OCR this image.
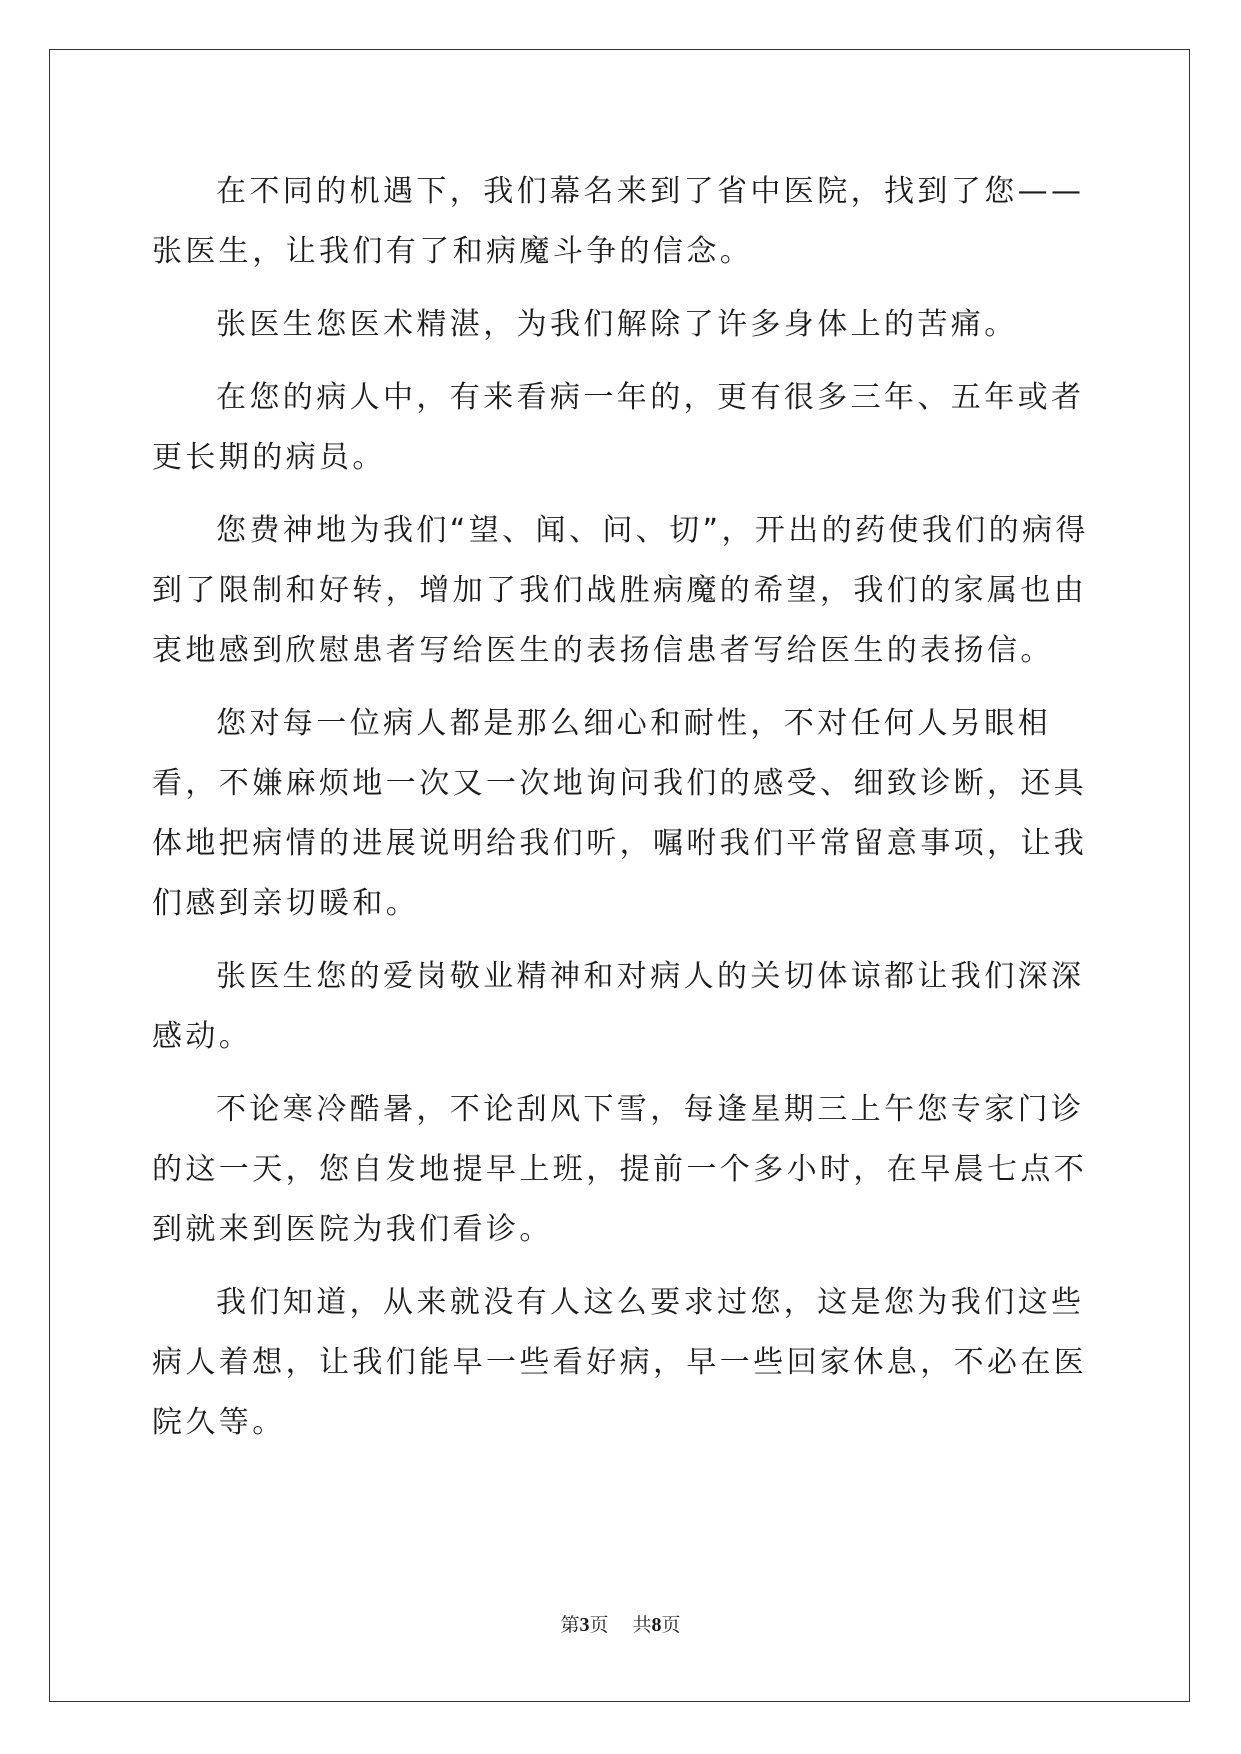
在不同的机遇下，我们幕名来到了省中医院，找到了您——张医生，让我们有了和病魔斗争的信念。

张医生您医术精湛，为我们解除了许多身体上的苦痛。

在您的病人中，有来看病一年的，更有很多三年、五年或者更长期的病员。

您费神地为我们“望、闻、问、切”，开出的药使我们的病得到了限制和好转，增加了我们战胜病魔的希望，我们的家属也由衷地感到欣慰患者写给医生的表扬信患者写给医生的表扬信。

您对每一位病人都是那么细心和耐性，不对任何人另眼相看，不嫌麻烦地一次又一次地询问我们的感受、细致诊断，还具体地把病情的进展说明给我们听，嘱咐我们平常留意事项，让我们感到亲切暖和。

张医生您的爱岗敬业精神和对病人的关切体谅都让我们深深感动。

不论寒冷酷暑，不论刮风下雪，每逢星期三上午您专家门诊的这一天，您自发地提早上班，提前一个多小时，在早晨七点不到就来到医院为我们看诊。

我们知道，从来就没有人这么要求过您，这是您为我们这些病人着想，让我们能早一些看好病，早一些回家休息，不必在医院久等。

第3页 共8页
